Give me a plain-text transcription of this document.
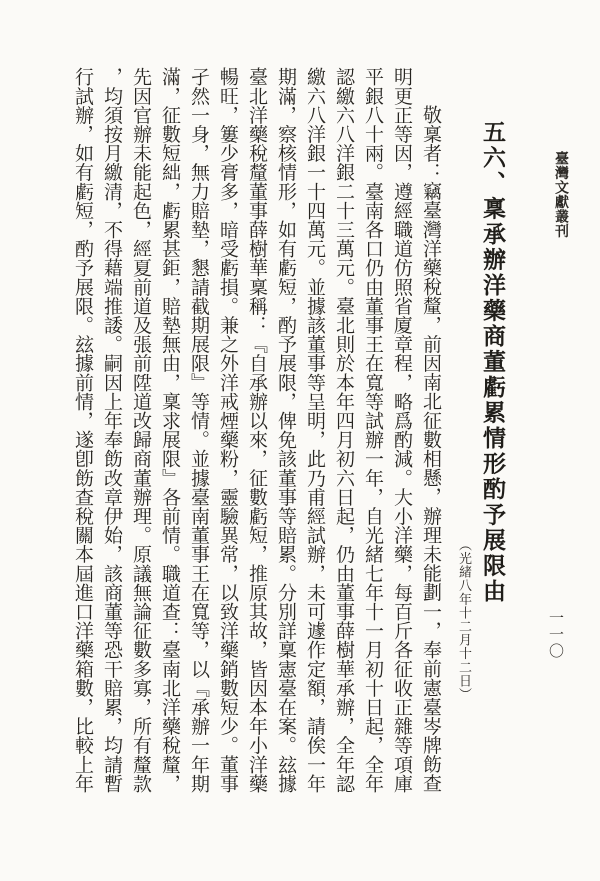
臺灣文獻叢刊
一一〇
五六、稟承辦洋藥商董虧累情形酌予展限由
（光緒八年十二月十二日）
敬稟者：竊臺灣洋藥稅釐，前因南北征數相懸，辦理未能劃一，奉前憲臺岑牌飭查
明更正等因，遵經職道仿照省廈章程，略爲酌減。大小洋藥，每百斤各征收正雜等項庫
平銀八十兩。臺南各口仍由董事王在寬等試辦一年，自光緒七年十一月初十日起，全年
認繳六八洋銀二十三萬元。臺北則於本年四月初六日起，仍由董事薛樹華承辦，全年認
繳六八洋銀一十四萬元。並據該董事等呈明，此乃甫經試辦，未可遽作定額，請俟一年
期滿，察核情形，如有虧短，酌予展限，俾免該董事等賠累。分別詳稟憲臺在案。玆據
臺北洋藥稅釐董事薛樹華稟稱：『自承辦以來，征數虧短，推原其故，皆因本年小洋藥
暢旺，簍少膏多，暗受虧損。兼之外洋戒煙藥粉，靈驗異常，以致洋藥銷數短少。董事
孑然一身，無力賠墊，懇請截期展限』等情。並據臺南董事王在寬等，以『承辦一年期
滿，征數短絀，虧累甚鉅，賠墊無由，稟求展限』各前情。職道查：臺南北洋藥稅釐，
先因官辦未能起色，經夏前道及張前陞道改歸商董辦理。原議無論征數多寡，所有釐款
，均須按月繳清，不得藉端推諉。嗣因上年奉飭改章伊始，該商董等恐干賠累，均請暫
行試辦，如有虧短，酌予展限。玆據前情，遂卽飭查稅關本屆進口洋藥箱數，比較上年
